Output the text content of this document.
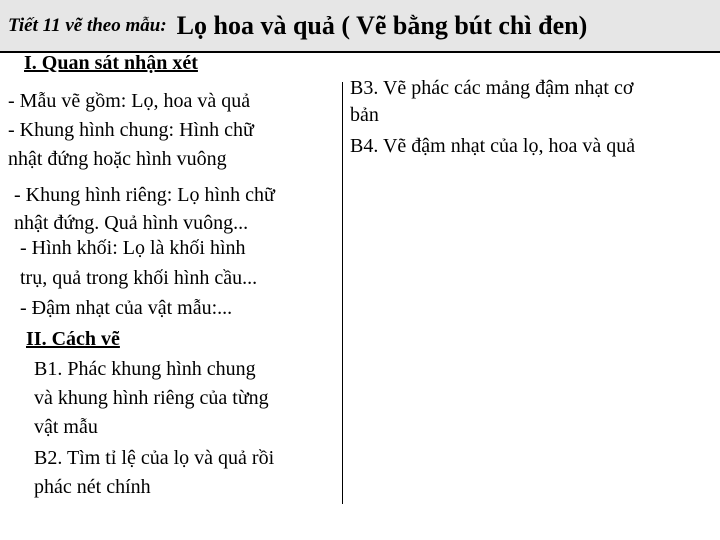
Tiết 11 vẽ theo mẫu: Lọ hoa và quả ( Vẽ bằng bút chì đen)
I. Quan sát nhận xét
- Mẫu vẽ gồm: Lọ, hoa và quả
- Khung hình chung: Hình chữ
nhật đứng hoặc hình vuông
- Khung hình riêng: Lọ hình chữ
nhật đứng. Quả hình vuông...
- Hình khối: Lọ là khối hình
trụ, quả trong khối hình cầu...
- Đậm nhạt của vật mẫu:...
II. Cách vẽ
B1. Phác khung hình chung
và khung hình riêng của từng
vật mẫu
B2. Tìm tỉ lệ của lọ và quả rồi
phác nét chính
B3. Vẽ phác các mảng đậm nhạt cơ
bản
B4. Vẽ đậm nhạt của lọ, hoa và quả
